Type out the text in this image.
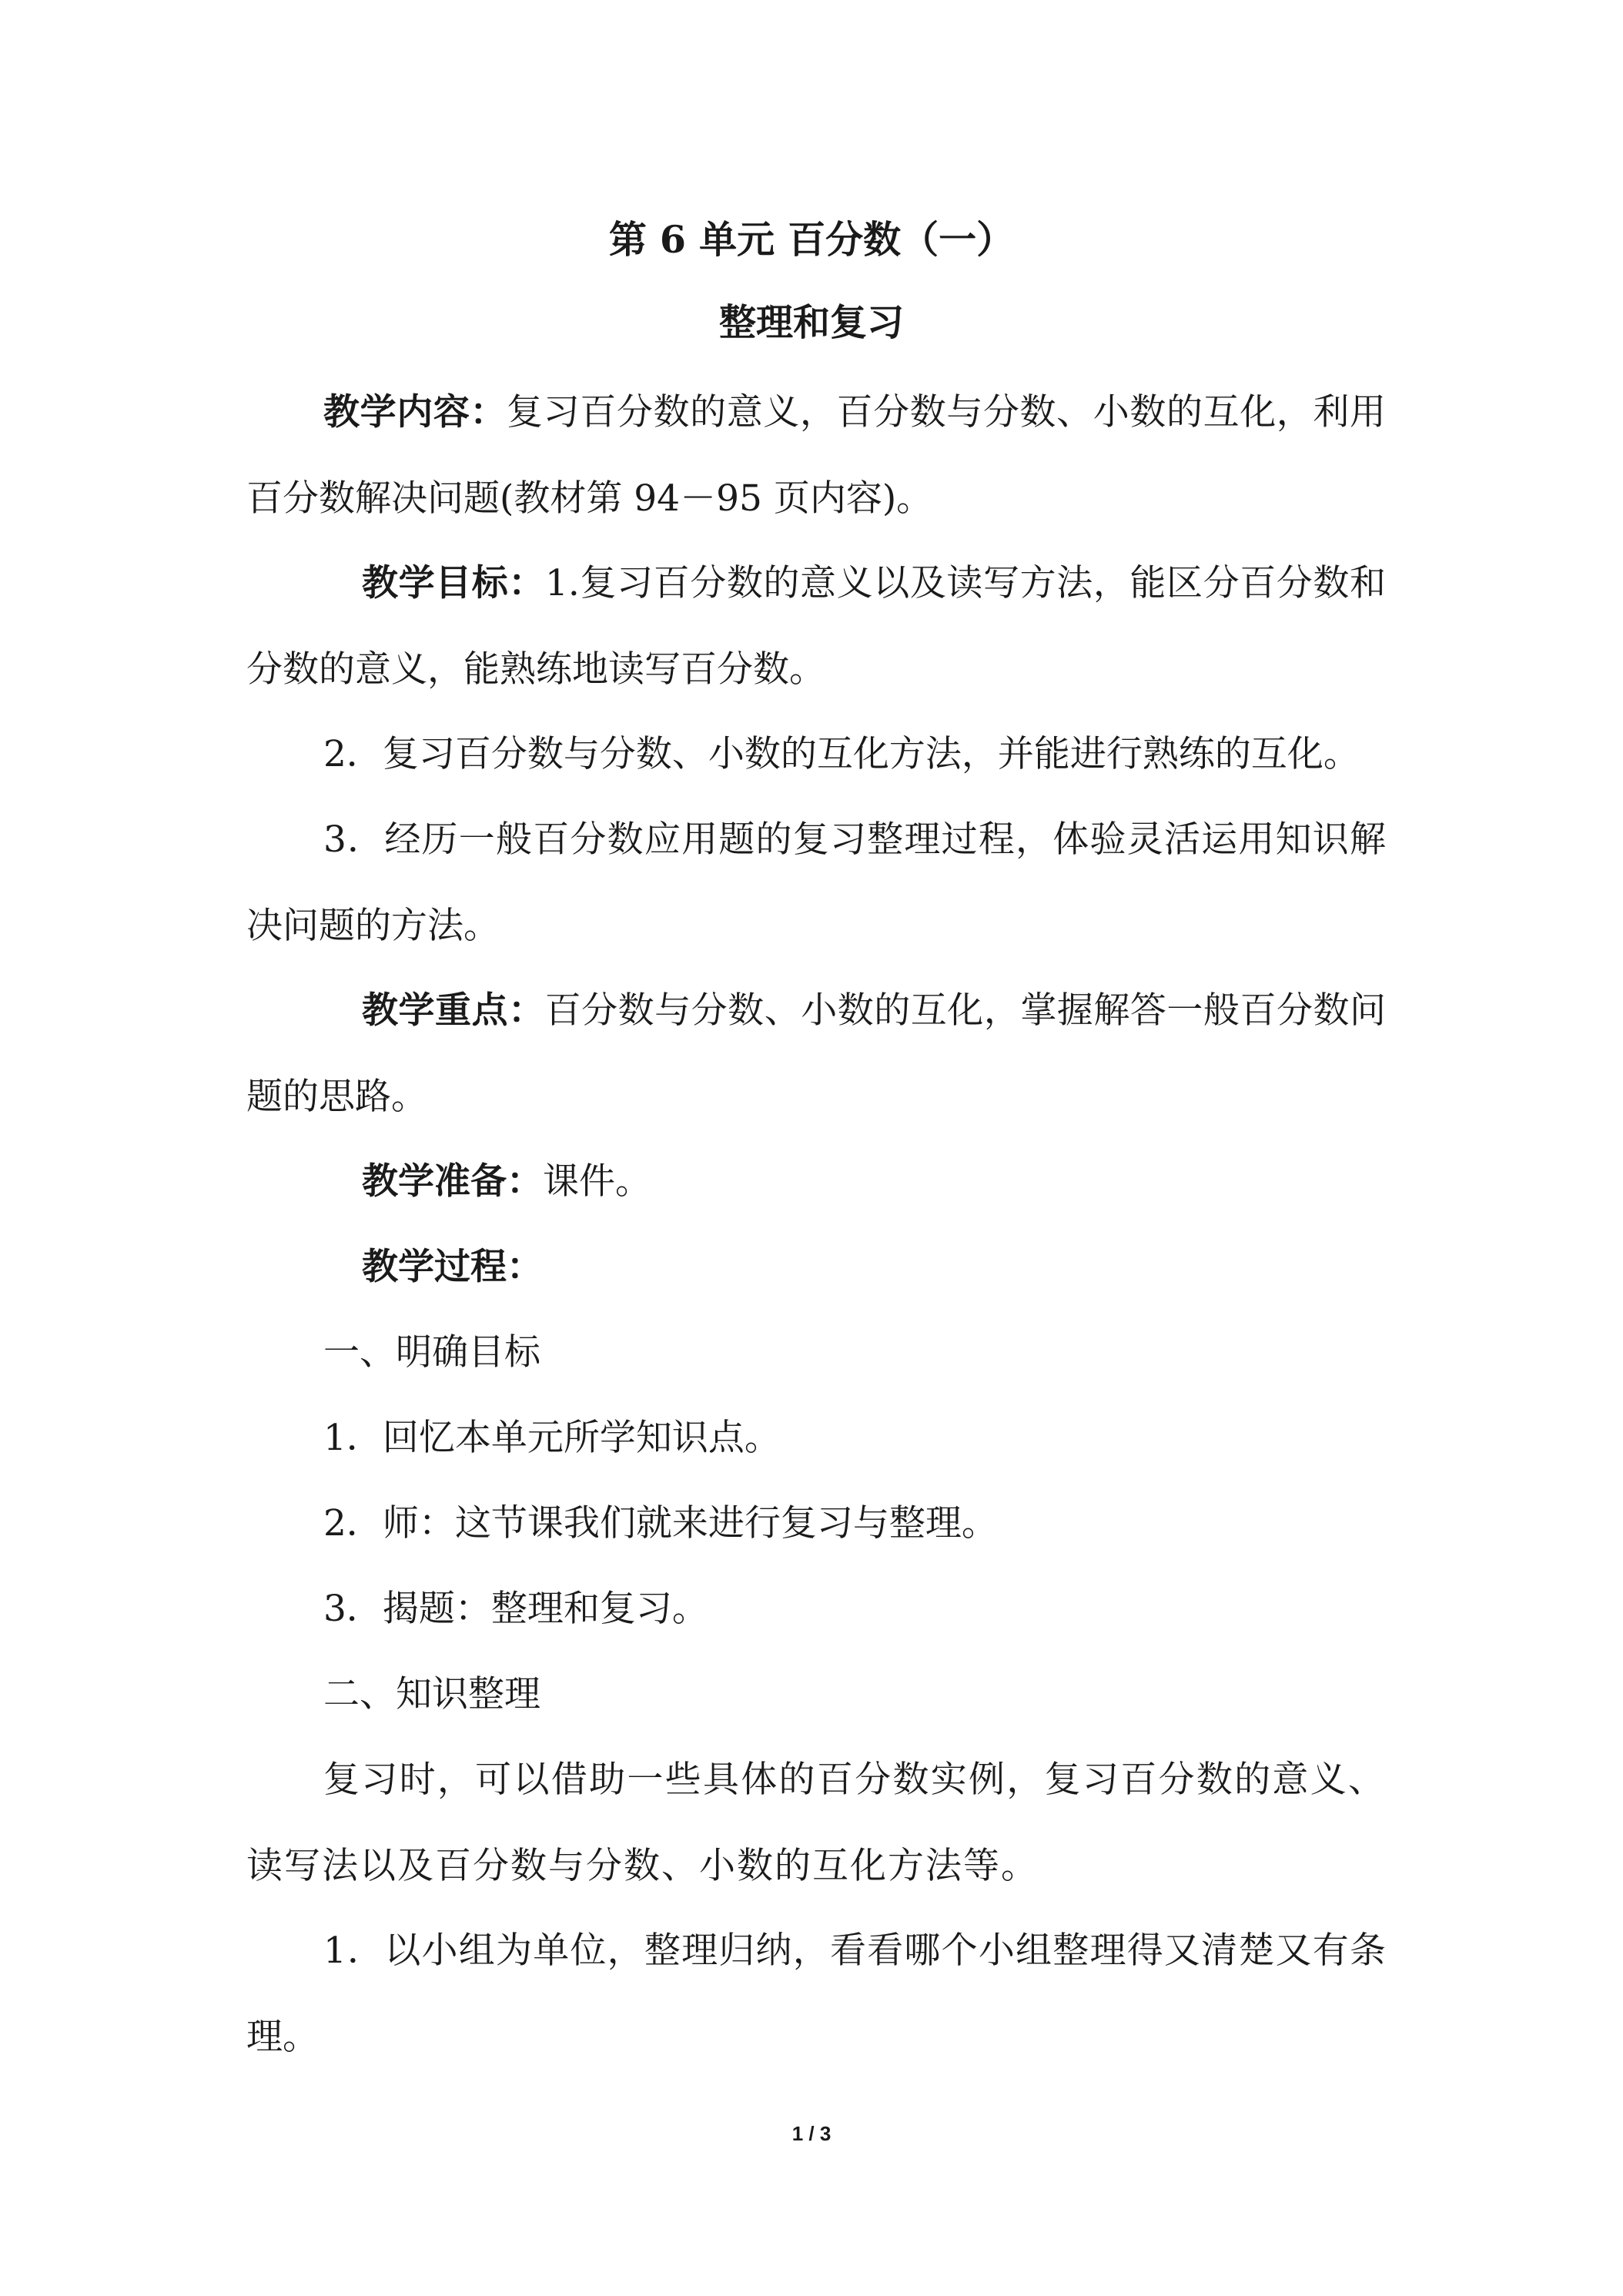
第 6 单元 百分数（一）
整理和复习

教学内容：复习百分数的意义，百分数与分数、小数的互化，利用百分数解决问题(教材第 94－95 页内容)。

教学目标：1.复习百分数的意义以及读写方法，能区分百分数和分数的意义，能熟练地读写百分数。

2．复习百分数与分数、小数的互化方法，并能进行熟练的互化。

3．经历一般百分数应用题的复习整理过程，体验灵活运用知识解决问题的方法。

教学重点：百分数与分数、小数的互化，掌握解答一般百分数问题的思路。

教学准备：课件。

教学过程：

一、明确目标

1．回忆本单元所学知识点。

2．师：这节课我们就来进行复习与整理。

3．揭题：整理和复习。

二、知识整理

复习时，可以借助一些具体的百分数实例，复习百分数的意义、读写法以及百分数与分数、小数的互化方法等。

1．以小组为单位，整理归纳，看看哪个小组整理得又清楚又有条理。

1 / 3
